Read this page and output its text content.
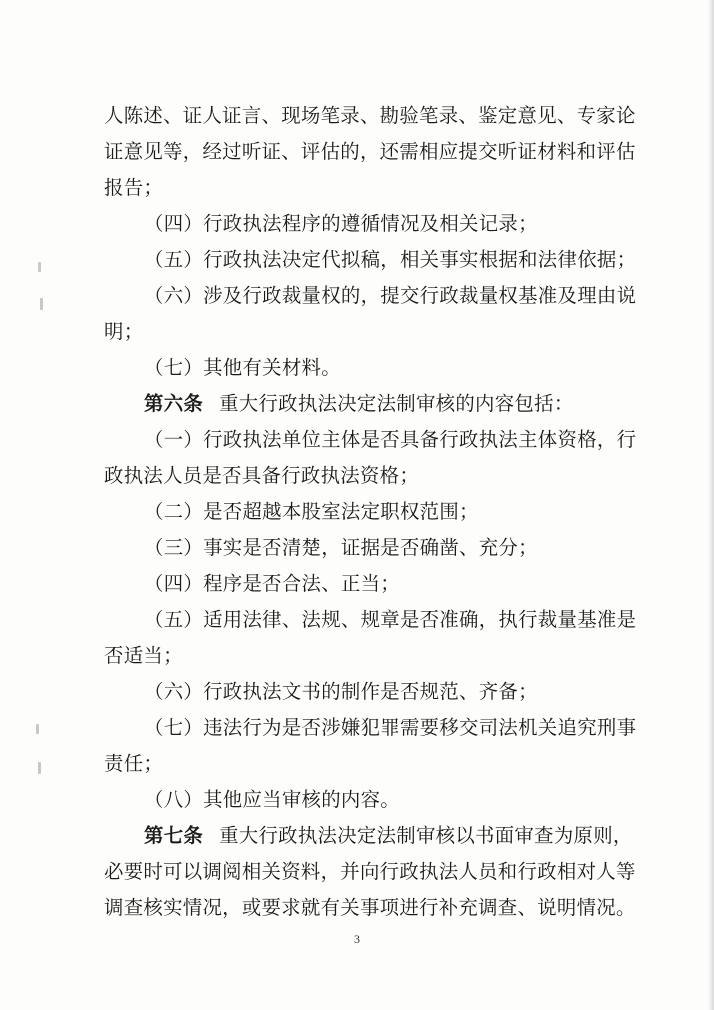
人陈述、证人证言、现场笔录、勘验笔录、鉴定意见、专家论
证意见等，经过听证、评估的，还需相应提交听证材料和评估
报告；
（四）行政执法程序的遵循情况及相关记录；
（五）行政执法决定代拟稿，相关事实根据和法律依据；
（六）涉及行政裁量权的，提交行政裁量权基准及理由说
明；
（七）其他有关材料。
第六条 重大行政执法决定法制审核的内容包括：
（一）行政执法单位主体是否具备行政执法主体资格，行
政执法人员是否具备行政执法资格；
（二）是否超越本股室法定职权范围；
（三）事实是否清楚，证据是否确凿、充分；
（四）程序是否合法、正当；
（五）适用法律、法规、规章是否准确，执行裁量基准是
否适当；
（六）行政执法文书的制作是否规范、齐备；
（七）违法行为是否涉嫌犯罪需要移交司法机关追究刑事
责任；
（八）其他应当审核的内容。
第七条 重大行政执法决定法制审核以书面审查为原则，
必要时可以调阅相关资料，并向行政执法人员和行政相对人等
调查核实情况，或要求就有关事项进行补充调查、说明情况。
3
